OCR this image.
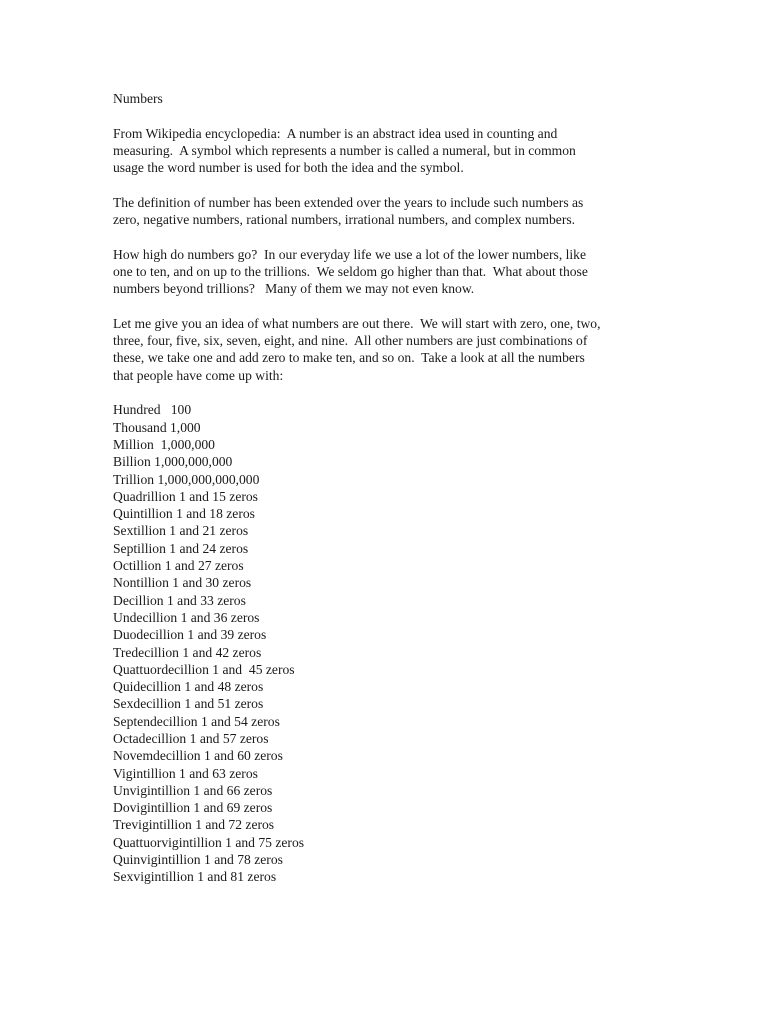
Numbers
From Wikipedia encyclopedia:  A number is an abstract idea used in counting and
measuring.  A symbol which represents a number is called a numeral, but in common
usage the word number is used for both the idea and the symbol.
The definition of number has been extended over the years to include such numbers as
zero, negative numbers, rational numbers, irrational numbers, and complex numbers.
How high do numbers go?  In our everyday life we use a lot of the lower numbers, like
one to ten, and on up to the trillions.  We seldom go higher than that.  What about those
numbers beyond trillions?   Many of them we may not even know.
Let me give you an idea of what numbers are out there.  We will start with zero, one, two,
three, four, five, six, seven, eight, and nine.  All other numbers are just combinations of
these, we take one and add zero to make ten, and so on.  Take a look at all the numbers
that people have come up with:
Hundred   100
Thousand 1,000
Million  1,000,000
Billion 1,000,000,000
Trillion 1,000,000,000,000
Quadrillion 1 and 15 zeros
Quintillion 1 and 18 zeros
Sextillion 1 and 21 zeros
Septillion 1 and 24 zeros
Octillion 1 and 27 zeros
Nontillion 1 and 30 zeros
Decillion 1 and 33 zeros
Undecillion 1 and 36 zeros
Duodecillion 1 and 39 zeros
Tredecillion 1 and 42 zeros
Quattuordecillion 1 and  45 zeros
Quidecillion 1 and 48 zeros
Sexdecillion 1 and 51 zeros
Septendecillion 1 and 54 zeros
Octadecillion 1 and 57 zeros
Novemdecillion 1 and 60 zeros
Vigintillion 1 and 63 zeros
Unvigintillion 1 and 66 zeros
Dovigintillion 1 and 69 zeros
Trevigintillion 1 and 72 zeros
Quattuorvigintillion 1 and 75 zeros
Quinvigintillion 1 and 78 zeros
Sexvigintillion 1 and 81 zeros
